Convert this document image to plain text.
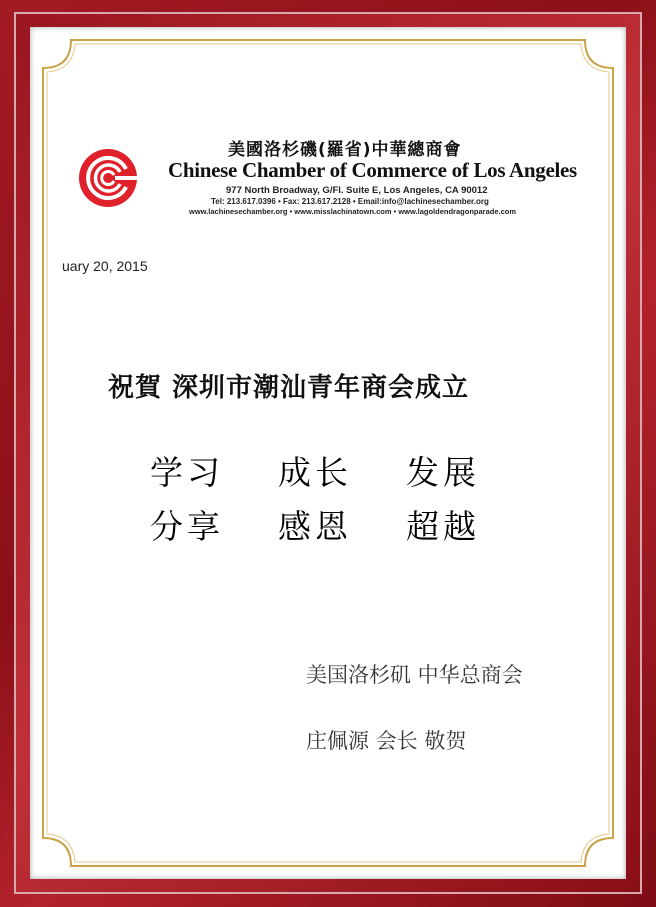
美國洛杉磯(羅省)中華總商會
Chinese Chamber of Commerce of Los Angeles
977 North Broadway, G/Fl. Suite E, Los Angeles, CA 90012
Tel: 213.617.0396 • Fax: 213.617.2128 • Email:info@lachinesechamber.org
www.lachinesechamber.org • www.misslachinatown.com • www.lagoldendragonparade.com
uary 20, 2015
祝賀 深圳市潮汕青年商会成立
学习 成长 发展
分享 感恩 超越
美国洛杉矶 中华总商会
庄佩源 会长 敬贺
